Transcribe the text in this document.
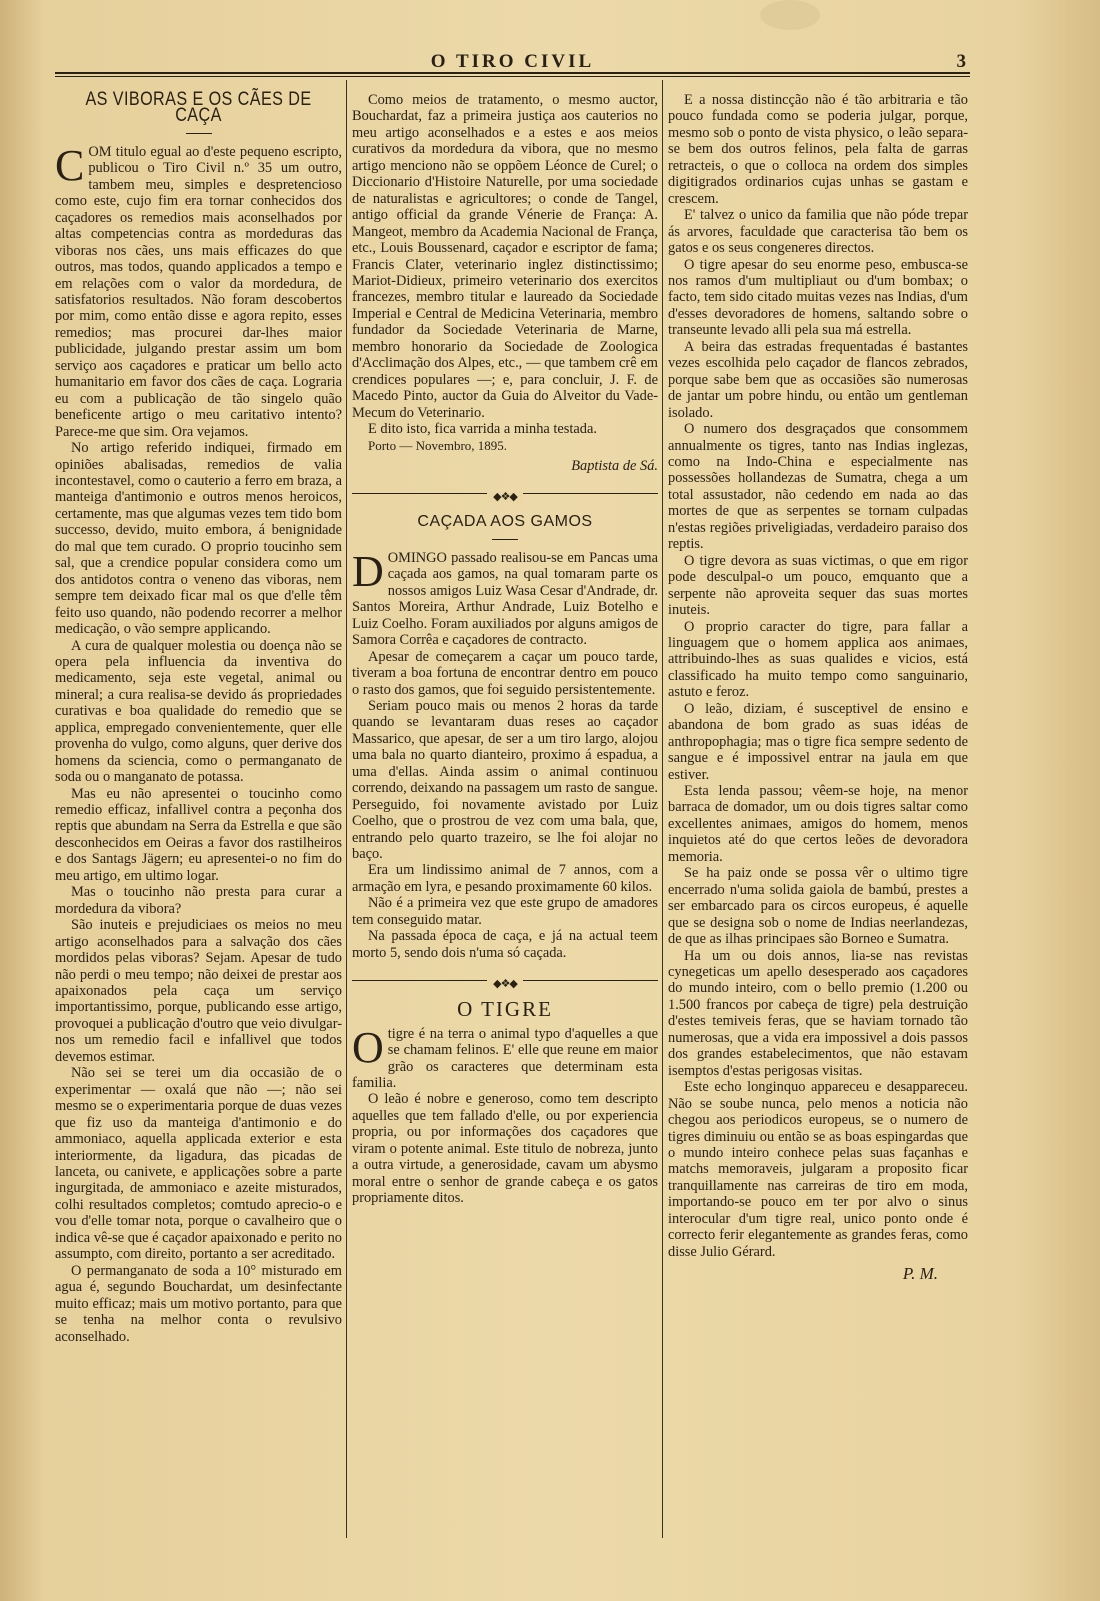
O TIRO CIVIL	3
AS VIBORAS E OS CÃES DE CAÇA

COM titulo egual ao d'este pequeno escripto, publicou o Tiro Civil n.º 35 um outro, tambem meu, simples e despretencioso como este, cujo fim era tornar conhecidos dos caçadores os remedios mais aconselhados por altas competencias contra as mordeduras das viboras nos cães, uns mais efficazes do que outros, mas todos, quando applicados a tempo e em relações com o valor da mordedura, de satisfatorios resultados. Não foram descobertos por mim, como então disse e agora repito, esses remedios; mas procurei dar-lhes maior publicidade, julgando prestar assim um bom serviço aos caçadores e praticar um bello acto humanitario em favor dos cães de caça. Lograria eu com a publicação de tão singelo quão beneficente artigo o meu caritativo intento? Parece-me que sim. Ora vejamos.

No artigo referido indiquei, firmado em opiniões abalisadas, remedios de valia incontestavel, como o cauterio a ferro em braza, a manteiga d'antimonio e outros menos heroicos, certamente, mas que algumas vezes tem tido bom successo, devido, muito embora, á benignidade do mal que tem curado. O proprio toucinho sem sal, que a crendice popular considera como um dos antidotos contra o veneno das viboras, nem sempre tem deixado ficar mal os que d'elle têm feito uso quando, não podendo recorrer a melhor medicação, o vão sempre applicando.

A cura de qualquer molestia ou doença não se opera pela influencia da inventiva do medicamento, seja este vegetal, animal ou mineral; a cura realisa-se devido ás propriedades curativas e boa qualidade do remedio que se applica, empregado convenientemente, quer elle provenha do vulgo, como alguns, quer derive dos homens da sciencia, como o permanganato de soda ou o manganato de potassa.

Mas eu não apresentei o toucinho como remedio efficaz, infallivel contra a peçonha dos reptis que abundam na Serra da Estrella e que são desconhecidos em Oeiras a favor dos rastilheiros e dos Santags Jägern; eu apresentei-o no fim do meu artigo, em ultimo logar.

Mas o toucinho não presta para curar a mordedura da vibora?

São inuteis e prejudiciaes os meios no meu artigo aconselhados para a salvação dos cães mordidos pelas viboras? Sejam. Apesar de tudo não perdi o meu tempo; não deixei de prestar aos apaixonados pela caça um serviço importantissimo, porque, publicando esse artigo, provoquei a publicação d'outro que veio divulgar-nos um remedio facil e infallivel que todos devemos estimar.

Não sei se terei um dia occasião de o experimentar — oxalá que não —; não sei mesmo se o experimentaria porque de duas vezes que fiz uso da manteiga d'antimonio e do ammoniaco, aquella applicada exterior e esta interiormente, da ligadura, das picadas de lanceta, ou canivete, e applicações sobre a parte ingurgitada, de ammoniaco e azeite misturados, colhi resultados completos; comtudo aprecio-o e vou d'elle tomar nota, porque o cavalheiro que o indica vê-se que é caçador apaixonado e perito no assumpto, com direito, portanto a ser acreditado.

O permanganato de soda a 10° misturado em agua é, segundo Bouchardat, um desinfectante muito efficaz; mais um motivo portanto, para que se tenha na melhor conta o revulsivo aconselhado.

Como meios de tratamento, o mesmo auctor, Bouchardat, faz a primeira justiça aos cauterios no meu artigo aconselhados e a estes e aos meios curativos da mordedura da vibora, que no mesmo artigo menciono não se oppõem Léonce de Curel; o Diccionario d'Histoire Naturelle, por uma sociedade de naturalistas e agricultores; o conde de Tangel, antigo official da grande Vénerie de França: A. Mangeot, membro da Academia Nacional de França, etc., Louis Boussenard, caçador e escriptor de fama; Francis Clater, veterinario inglez distinctissimo; Mariot-Didieux, primeiro veterinario dos exercitos francezes, membro titular e laureado da Sociedade Imperial e Central de Medicina Veterinaria, membro fundador da Sociedade Veterinaria de Marne, membro honorario da Sociedade de Zoologica d'Acclimação dos Alpes, etc., — que tambem crê em crendices populares —; e, para concluir, J. F. de Macedo Pinto, auctor da Guia do Alveitor du Vade-Mecum do Veterinario.

E dito isto, fica varrida a minha testada.

Porto — Novembro, 1895.

Baptista de Sá.
◆❖◆
CAÇADA AOS GAMOS

DOMINGO passado realisou-se em Pancas uma caçada aos gamos, na qual tomaram parte os nossos amigos Luiz Wasa Cesar d'Andrade, dr. Santos Moreira, Arthur Andrade, Luiz Botelho e Luiz Coelho. Foram auxiliados por alguns amigos de Samora Corrêa e caçadores de contracto.

Apesar de começarem a caçar um pouco tarde, tiveram a boa fortuna de encontrar dentro em pouco o rasto dos gamos, que foi seguido persistentemente.

Seriam pouco mais ou menos 2 horas da tarde quando se levantaram duas reses ao caçador Massarico, que apesar, de ser a um tiro largo, alojou uma bala no quarto dianteiro, proximo á espadua, a uma d'ellas. Ainda assim o animal continuou correndo, deixando na passagem um rasto de sangue. Perseguido, foi novamente avistado por Luiz Coelho, que o prostrou de vez com uma bala, que, entrando pelo quarto trazeiro, se lhe foi alojar no baço.

Era um lindissimo animal de 7 annos, com a armação em lyra, e pesando proximamente 60 kilos.

Não é a primeira vez que este grupo de amadores tem conseguido matar.

Na passada época de caça, e já na actual teem morto 5, sendo dois n'uma só caçada.

◆❖◆
O TIGRE

Otigre é na terra o animal typo d'aquelles a que se chamam felinos. E' elle que reune em maior grão os caracteres que determinam esta familia.

O leão é nobre e generoso, como tem descripto aquelles que tem fallado d'elle, ou por experiencia propria, ou por informações dos caçadores que viram o potente animal. Este titulo de nobreza, junto a outra virtude, a generosidade, cavam um abysmo moral entre o senhor de grande cabeça e os gatos propriamente ditos.

E a nossa distincção não é tão arbitraria e tão pouco fundada como se poderia julgar, porque, mesmo sob o ponto de vista physico, o leão separa-se bem dos outros felinos, pela falta de garras retracteis, o que o colloca na ordem dos simples digitigrados ordinarios cujas unhas se gastam e crescem.

E' talvez o unico da familia que não póde trepar ás arvores, faculdade que caracterisa tão bem os gatos e os seus congeneres directos.

O tigre apesar do seu enorme peso, embusca-se nos ramos d'um multipliaut ou d'um bombax; o facto, tem sido citado muitas vezes nas Indias, d'um d'esses devoradores de homens, saltando sobre o transeunte levado alli pela sua má estrella.

A beira das estradas frequentadas é bastantes vezes escolhida pelo caçador de flancos zebrados, porque sabe bem que as occasiões são numerosas de jantar um pobre hindu, ou então um gentleman isolado.

O numero dos desgraçados que consommem annualmente os tigres, tanto nas Indias inglezas, como na Indo-China e especialmente nas possessões hollandezas de Sumatra, chega a um total assustador, não cedendo em nada ao das mortes de que as serpentes se tornam culpadas n'estas regiões priveligiadas, verdadeiro paraiso dos reptis.

O tigre devora as suas victimas, o que em rigor pode desculpal-o um pouco, emquanto que a serpente não aproveita sequer das suas mortes inuteis.

O proprio caracter do tigre, para fallar a linguagem que o homem applica aos animaes, attribuindo-lhes as suas qualides e vicios, está classificado ha muito tempo como sanguinario, astuto e feroz.

O leão, diziam, é susceptivel de ensino e abandona de bom grado as suas idéas de anthropophagia; mas o tigre fica sempre sedento de sangue e é impossivel entrar na jaula em que estiver.

Esta lenda passou; vêem-se hoje, na menor barraca de domador, um ou dois tigres saltar como excellentes animaes, amigos do homem, menos inquietos até do que certos leões de devoradora memoria.

Se ha paiz onde se possa vêr o ultimo tigre encerrado n'uma solida gaiola de bambú, prestes a ser embarcado para os circos europeus, é aquelle que se designa sob o nome de Indias neerlandezas, de que as ilhas principaes são Borneo e Sumatra.

Ha um ou dois annos, lia-se nas revistas cynegeticas um apello desesperado aos caçadores do mundo inteiro, com o bello premio (1.200 ou 1.500 francos por cabeça de tigre) pela destruição d'estes temiveis feras, que se haviam tornado tão numerosas, que a vida era impossivel a dois passos dos grandes estabelecimentos, que não estavam isemptos d'estas perigosas visitas.

Este echo longinquo appareceu e desappareceu. Não se soube nunca, pelo menos a noticia não chegou aos periodicos europeus, se o numero de tigres diminuiu ou então se as boas espingardas que o mundo inteiro conhece pelas suas façanhas e matchs memoraveis, julgaram a proposito ficar tranquillamente nas carreiras de tiro em moda, importando-se pouco em ter por alvo o sinus interocular d'um tigre real, unico ponto onde é correcto ferir elegantemente as grandes feras, como disse Julio Gérard.

P. M.
